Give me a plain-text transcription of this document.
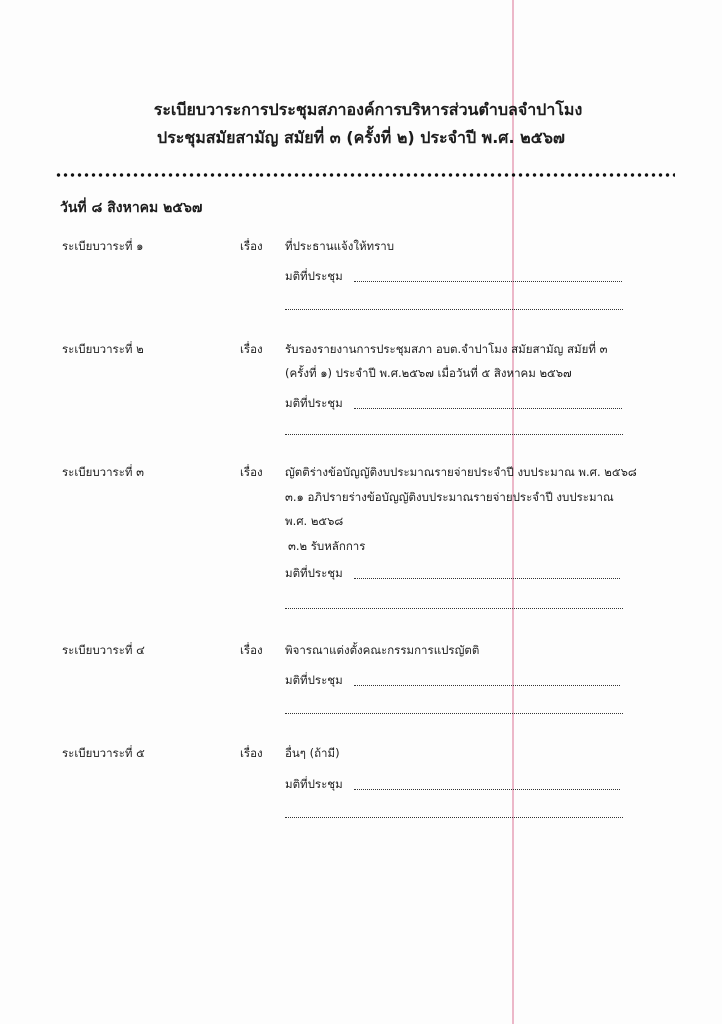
ระเบียบวาระการประชุมสภาองค์การบริหารส่วนตำบลจำปาโมง
ประชุมสมัยสามัญ สมัยที่ ๓ (ครั้งที่ ๒) ประจำปี พ.ศ. ๒๕๖๗
วันที่ ๘ สิงหาคม ๒๕๖๗
ระเบียบวาระที่ ๑	เรื่อง ที่ประธานแจ้งให้ทราบ
มติที่ประชุม
ระเบียบวาระที่ ๒	เรื่อง รับรองรายงานการประชุมสภา อบต.จำปาโมง สมัยสามัญ สมัยที่ ๓
(ครั้งที่ ๑) ประจำปี พ.ศ.๒๕๖๗ เมื่อวันที่ ๕ สิงหาคม ๒๕๖๗
มติที่ประชุม
ระเบียบวาระที่ ๓	เรื่อง ญัตติร่างข้อบัญญัติงบประมาณรายจ่ายประจำปี งบประมาณ พ.ศ. ๒๕๖๘
๓.๑ อภิปรายร่างข้อบัญญัติงบประมาณรายจ่ายประจำปี งบประมาณ
พ.ศ. ๒๕๖๘
๓.๒ รับหลักการ
มติที่ประชุม
ระเบียบวาระที่ ๔	เรื่อง พิจารณาแต่งตั้งคณะกรรมการแปรญัตติ
มติที่ประชุม
ระเบียบวาระที่ ๕	เรื่อง อื่นๆ (ถ้ามี)
มติที่ประชุม
